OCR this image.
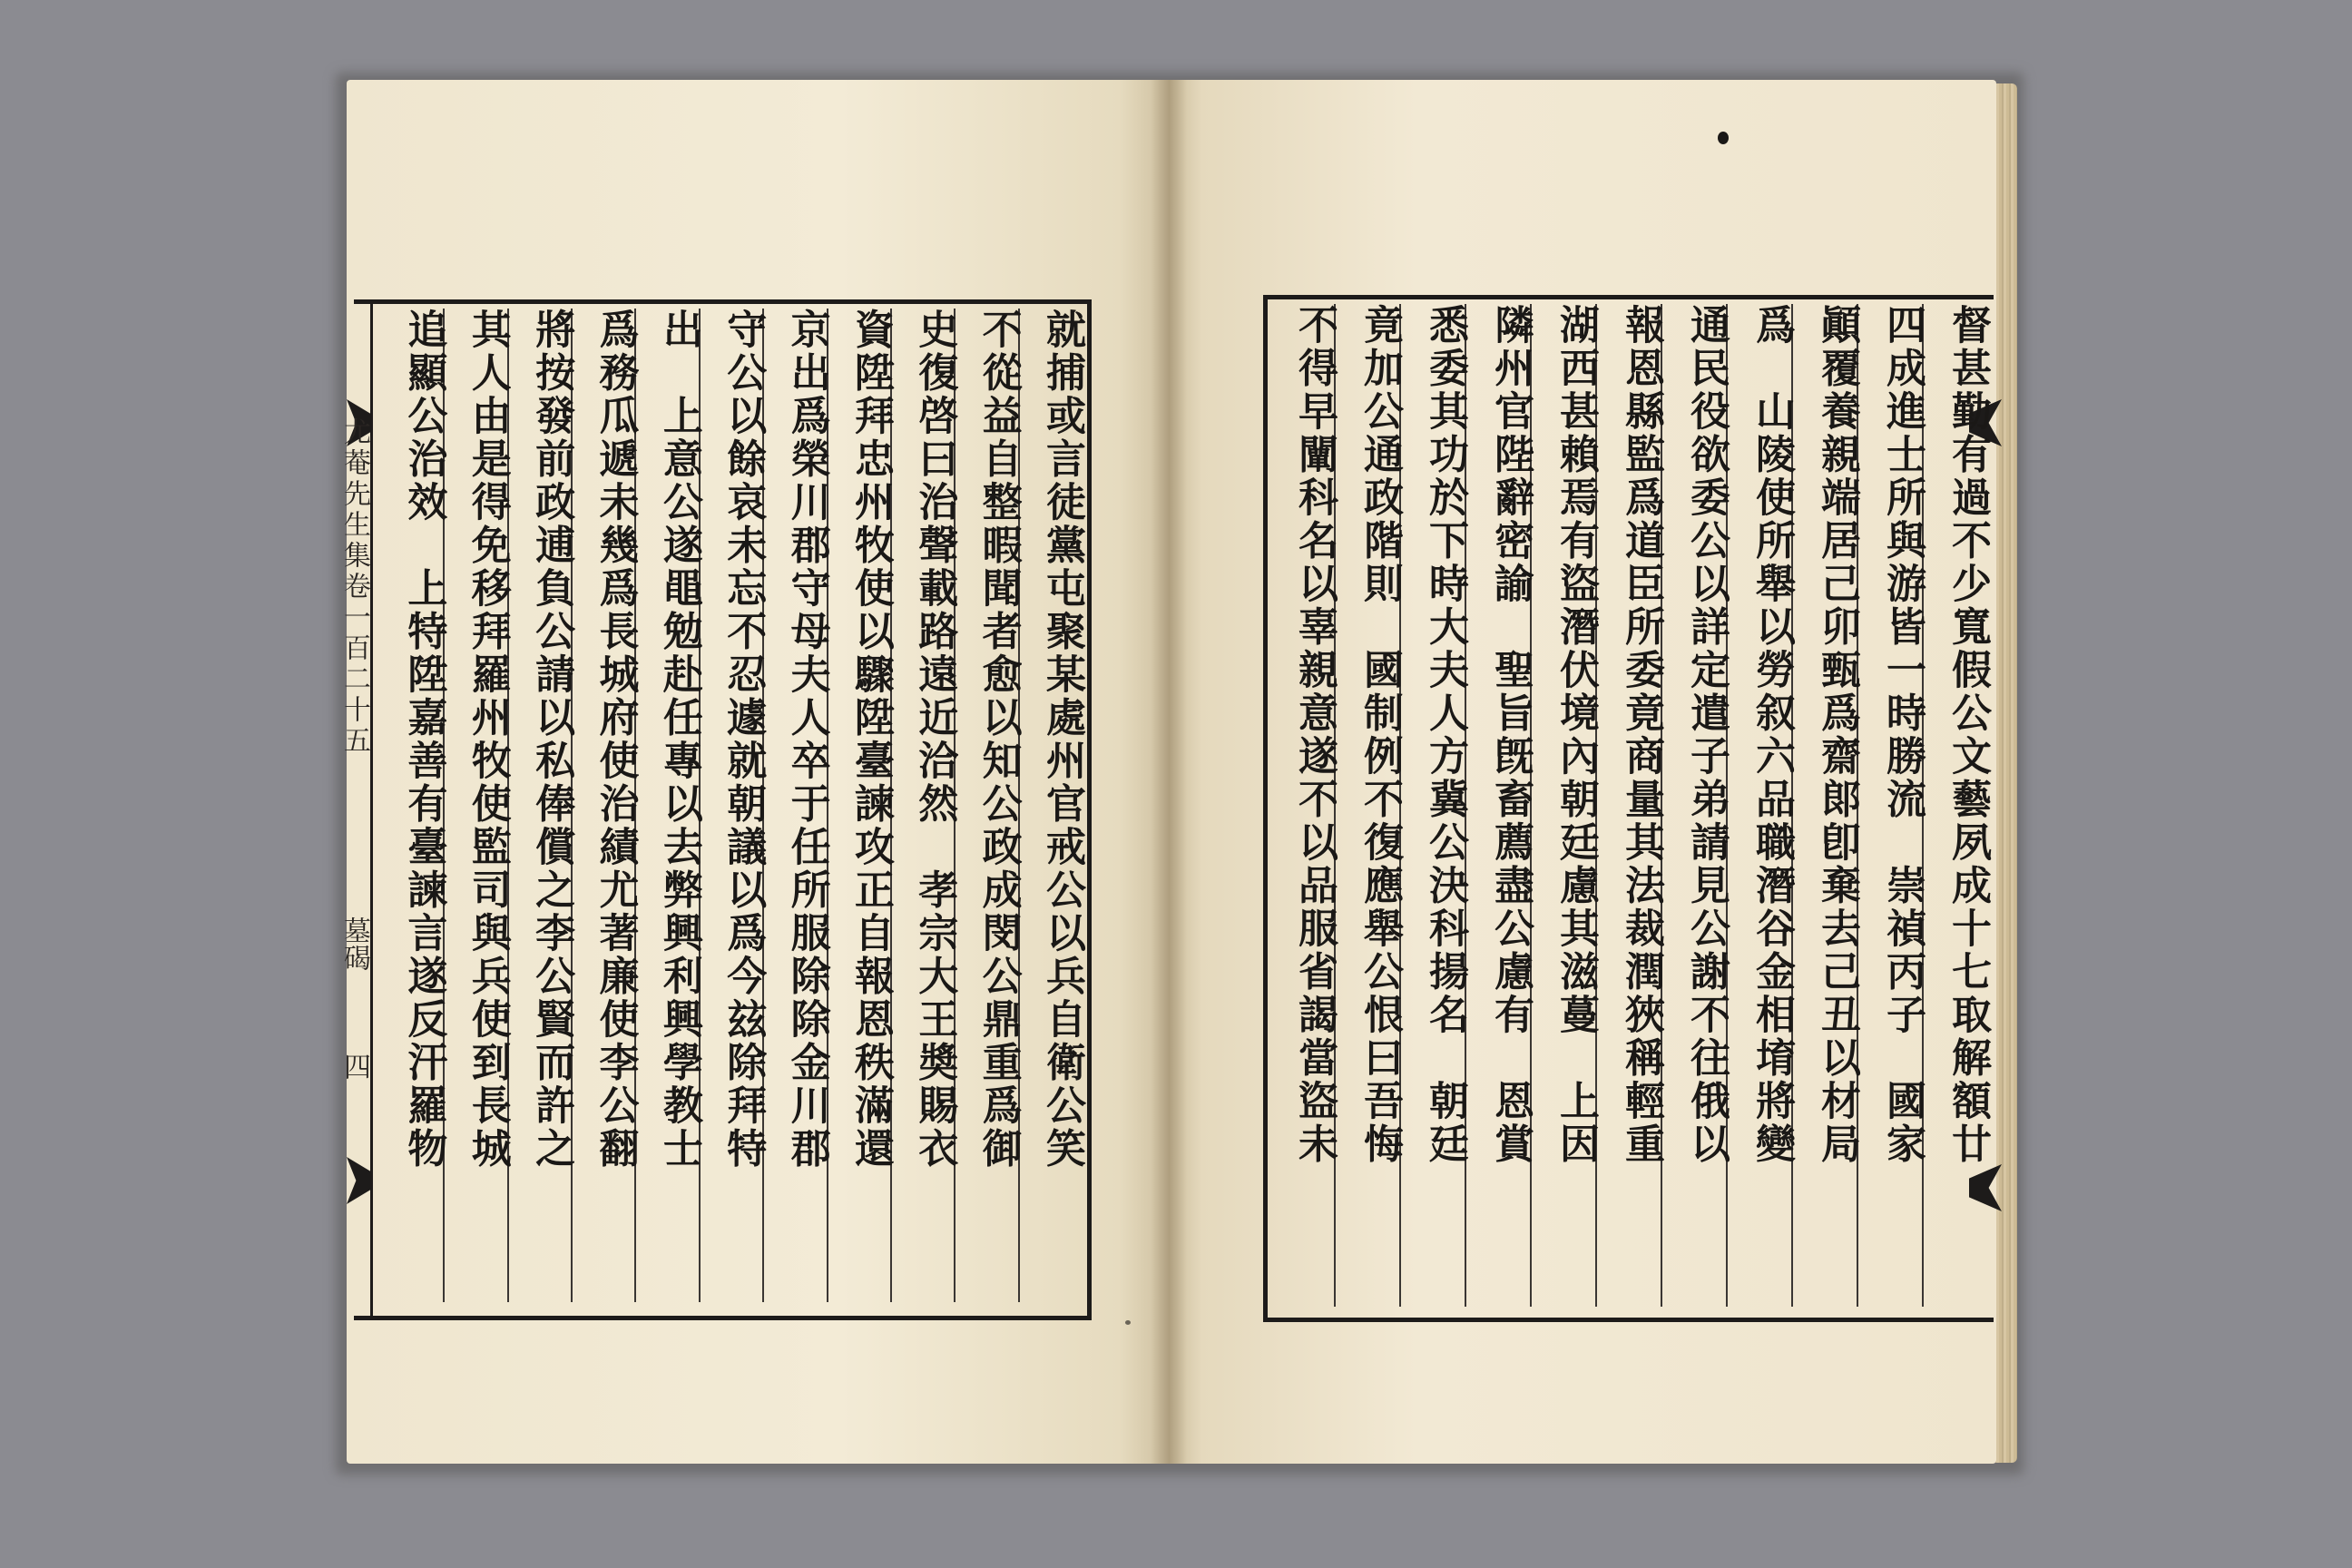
尤菴先生集卷一百二十五
墓碣
四	就捕或言徒黨屯聚某處州官戒公以兵自衛公笑
不從益自整暇聞者愈以知公政成閔公鼎重爲御
史復啓曰治聲載路遠近洽然　孝宗大王奬賜衣
資陞拜忠州牧使以驟陞臺諫攻正自報恩秩滿還
京出爲榮川郡守母夫人卒于任所服除除金川郡
守公以餘哀未忘不忍遽就朝議以爲今玆除拜特
出　上意公遂黽勉赴任專以去弊興利興學教士
爲務瓜遞未幾爲長城府使治績尤著廉使李公翻
將按發前政逋負公請以私俸償之李公賢而許之
其人由是得免移拜羅州牧使監司與兵使到長城
追顯公治效　上特陞嘉善有臺諫言遂反汗羅物	督甚勤有過不少寬假公文藝夙成十七取解額廿
四成進士所與游皆一時勝流　崇禎丙子　國家
顚覆養親端居己卯甄爲齋郞卽棄去己丑以材局
爲　山陵使所舉以勞叙六品職潛谷金相堉將變
通民役欲委公以詳定遣子弟請見公謝不往俄以
報恩縣監爲道臣所委竟商量其法裁潤狹稱輕重
湖西甚賴焉有盜潛伏境內朝廷慮其滋蔓　上因
隣州官陛辭密諭　聖旨旣畜薦盡公慮有　恩賞
悉委其功於下時大夫人方冀公決科揚名　朝廷
竟加公通政階則　國制例不復應舉公恨曰吾悔
不得早闡科名以辜親意遂不以品服省謁當盜未
